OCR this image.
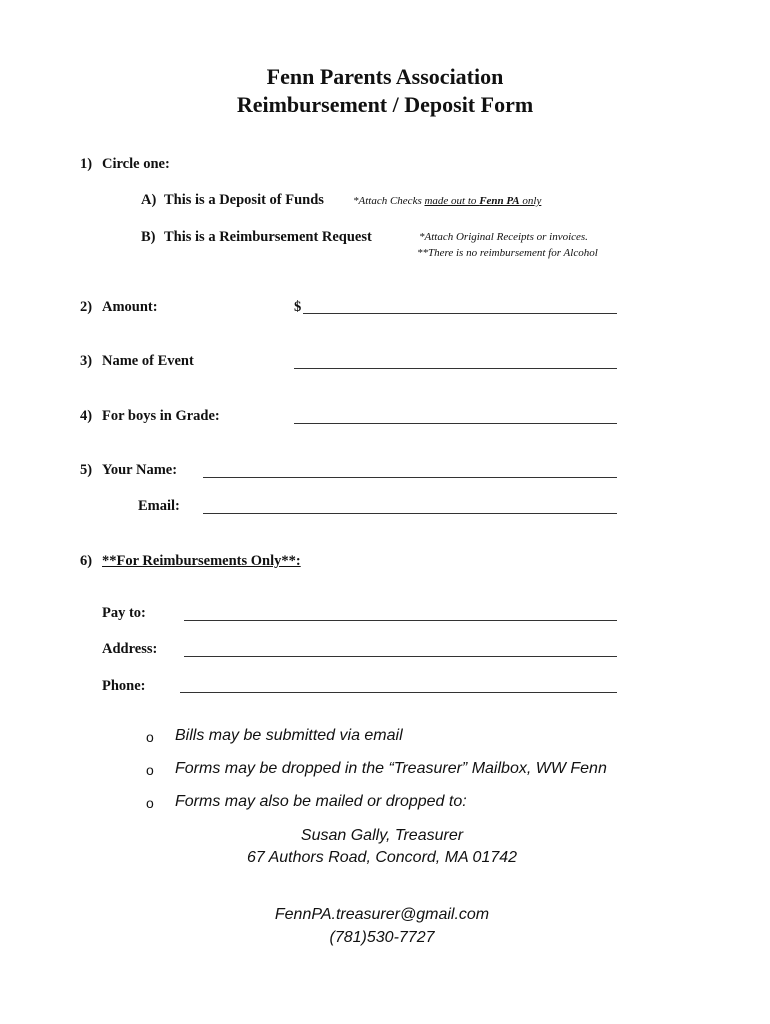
Fenn Parents Association
Reimbursement / Deposit Form
1) Circle one:
A) This is a Deposit of Funds	*Attach Checks made out to Fenn PA only
B) This is a Reimbursement Request	*Attach Original Receipts or invoices.
**There is no reimbursement for Alcohol
2) Amount:	$
3) Name of Event
4) For boys in Grade:
5) Your Name:
Email:
6) **For Reimbursements Only**:
Pay to:
Address:
Phone:
o Bills may be submitted via email
o Forms may be dropped in the “Treasurer” Mailbox, WW Fenn
o Forms may also be mailed or dropped to:
Susan Gally, Treasurer
67 Authors Road, Concord, MA 01742
FennPA.treasurer@gmail.com
(781)530-7727
